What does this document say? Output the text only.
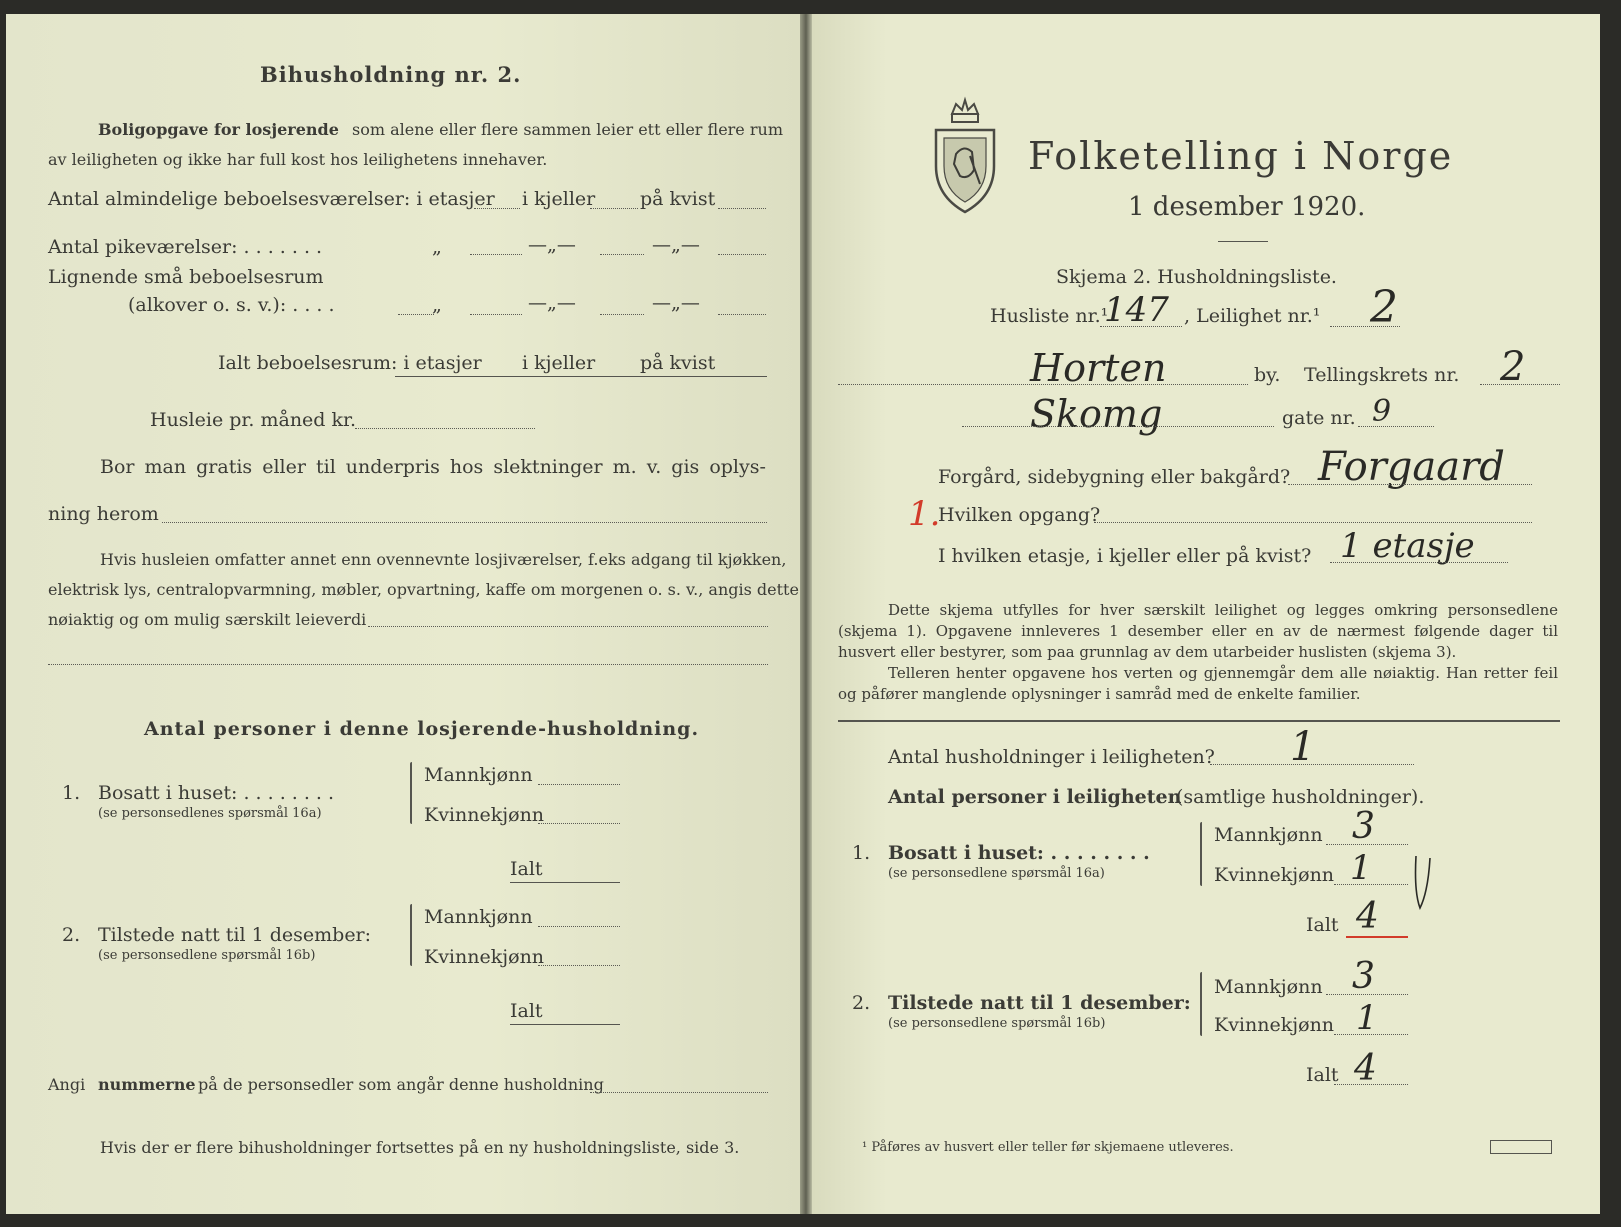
Bihusholdning nr. 2.
Boligopgave for losjerende som alene eller flere sammen leier ett eller flere rum
av leiligheten og ikke har full kost hos leilighetens innehaver.
Antal almindelige beboelsesværelser: i etasjer i kjeller på kvist
Antal pikeværelser: . . . . . . .	„	—„—	—„—
Lignende små beboelsesrum
(alkover o. s. v.): . . . .	„	—„—	—„—
Ialt beboelsesrum: i etasjer i kjeller på kvist
Husleie pr. måned kr.
Bor man gratis eller til underpris hos slektninger m. v. gis oplys-
ning herom
Hvis husleien omfatter annet enn ovennevnte losjiværelser, f.eks adgang til kjøkken,
elektrisk lys, centralopvarmning, møbler, opvartning, kaffe om morgenen o. s. v., angis dette
nøiaktig og om mulig særskilt leieverdi
Antal personer i denne losjerende-husholdning.
1. Bosatt i huset: . . . . . . . .
(se personsedlenes spørsmål 16a)
Mannkjønn
Kvinnekjønn
Ialt
2. Tilstede natt til 1 desember:
(se personsedlene spørsmål 16b)
Mannkjønn
Kvinnekjønn
Ialt
Angi nummerne på de personsedler som angår denne husholdning
Hvis der er flere bihusholdninger fortsettes på en ny husholdningsliste, side 3.
Folketelling i Norge
1 desember 1920.
Skjema 2. Husholdningsliste.
Husliste nr.¹
147 , Leilighet nr.¹ 2
Horten	by. Tellingskrets nr. 2
Skomg	gate nr. 9
Forgård, sidebygning eller bakgård? Forgaard
1.
Hvilken opgang?
I hvilken etasje, i kjeller eller på kvist? 1 etasje
Dette skjema utfylles for hver særskilt leilighet og legges omkring personsedlene (skjema 1). Opgavene innleveres 1 desember eller en av de nærmest følgende dager til husvert eller bestyrer, som paa grunnlag av dem utarbeider huslisten (skjema 3).
Telleren henter opgavene hos verten og gjennemgår dem alle nøiaktig. Han retter feil og påfører manglende oplysninger i samråd med de enkelte familier.
Antal husholdninger i leiligheten? 1
Antal personer i leiligheten
(samtlige husholdninger).
1. Bosatt i huset: . . . . . . . .
(se personsedlene spørsmål 16a)
Mannkjønn 3
Kvinnekjønn 1
Ialt 4
2. Tilstede natt til 1 desember:
(se personsedlene spørsmål 16b)
Mannkjønn 3
Kvinnekjønn 1
Ialt 4
¹ Påføres av husvert eller teller før skjemaene utleveres.
